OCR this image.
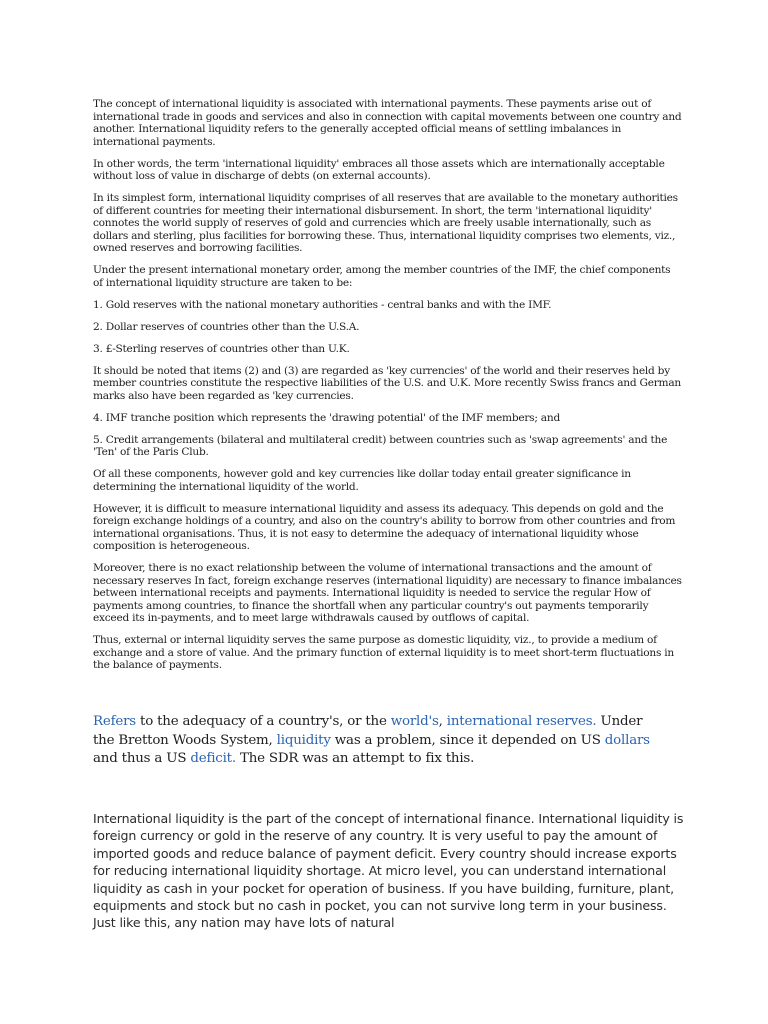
The concept of international liquidity is associated with international payments. These payments arise out of international trade in goods and services and also in connection with capital movements between one country and another. International liquidity refers to the generally accepted official means of settling imbalances in international payments.

In other words, the term 'international liquidity' embraces all those assets which are internationally acceptable without loss of value in discharge of debts (on external accounts).

In its simplest form, international liquidity comprises of all reserves that are available to the monetary authorities of different countries for meeting their international disbursement. In short, the term 'international liquidity' connotes the world supply of reserves of gold and currencies which are freely usable internationally, such as dollars and sterling, plus facilities for borrowing these. Thus, international liquidity comprises two elements, viz., owned reserves and borrowing facilities.

Under the present international monetary order, among the member countries of the IMF, the chief components of international liquidity structure are taken to be:

1. Gold reserves with the national monetary authorities - central banks and with the IMF.

2. Dollar reserves of countries other than the U.S.A.

3. £-Sterling reserves of countries other than U.K.

It should be noted that items (2) and (3) are regarded as 'key currencies' of the world and their reserves held by member countries constitute the respective liabilities of the U.S. and U.K. More recently Swiss francs and German marks also have been regarded as 'key currencies.

4. IMF tranche position which represents the 'drawing potential' of the IMF members; and

5. Credit arrangements (bilateral and multilateral credit) between countries such as 'swap agreements' and the 'Ten' of the Paris Club.

Of all these components, however gold and key currencies like dollar today entail greater significance in determining the international liquidity of the world.

However, it is difficult to measure international liquidity and assess its adequacy. This depends on gold and the foreign exchange holdings of a country, and also on the country's ability to borrow from other countries and from international organisations. Thus, it is not easy to determine the adequacy of international liquidity whose composition is heterogeneous.

Moreover, there is no exact relationship between the volume of international transactions and the amount of necessary reserves In fact, foreign exchange reserves (international liquidity) are necessary to finance imbalances between international receipts and payments. International liquidity is needed to service the regular How of payments among countries, to finance the shortfall when any particular country's out payments temporarily exceed its in-payments, and to meet large withdrawals caused by outflows of capital.

Thus, external or internal liquidity serves the same purpose as domestic liquidity, viz., to provide a medium of exchange and a store of value. And the primary function of external liquidity is to meet short-term fluctuations in the balance of payments.

Refers to the adequacy of a country's, or the world's, international reserves. Under the Bretton Woods System, liquidity was a problem, since it depended on US dollars and thus a US deficit. The SDR was an attempt to fix this.

International liquidity is the part of the concept of international finance. International liquidity is foreign currency or gold in the reserve of any country. It is very useful to pay the amount of imported goods and reduce balance of payment deficit. Every country should increase exports for reducing international liquidity shortage. At micro level, you can understand international liquidity as cash in your pocket for operation of business. If you have building, furniture, plant, equipments and stock but no cash in pocket, you can not survive long term in your business. Just like this, any nation may have lots of natural
